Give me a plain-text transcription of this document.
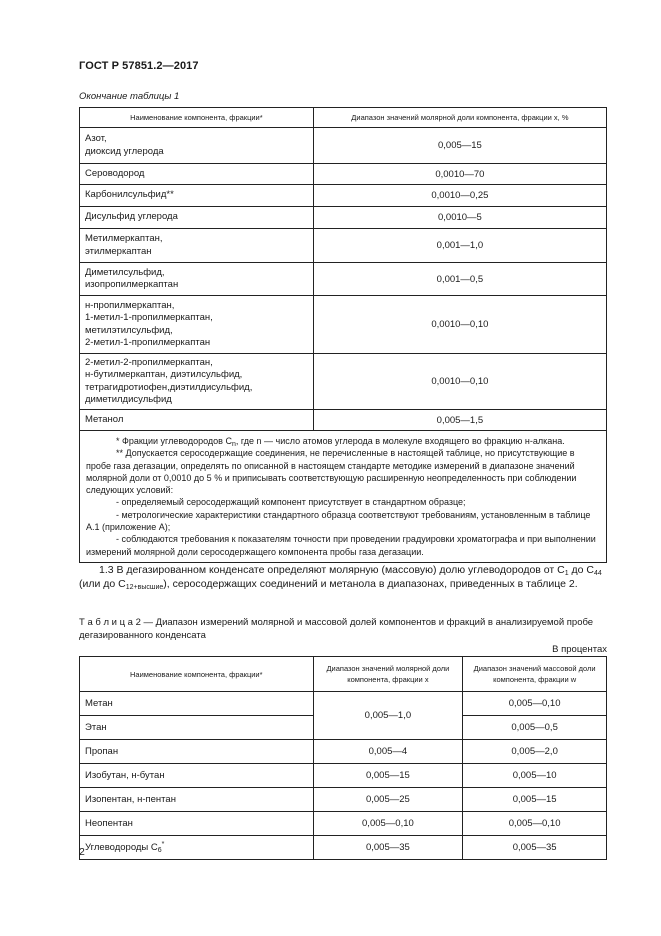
ГОСТ Р 57851.2—2017
Окончание таблицы 1
Наименование компонента, фракции*	Диапазон значений молярной доли компонента, фракции x, %

Азот,
диоксид углерода	0,005—15

Сероводород	0,0010—70

Карбонилсульфид**	0,0010—0,25

Дисульфид углерода	0,0010—5

Метилмеркаптан,
этилмеркаптан	0,001—1,0

Диметилсульфид,
изопропилмеркаптан	0,001—0,5

н-пропилмеркаптан,
1-метил-1-пропилмеркаптан,
метилэтилсульфид,
2-метил-1-пропилмеркаптан	0,0010—0,10

2-метил-2-пропилмеркаптан,
н-бутилмеркаптан, диэтилсульфид,
тетрагидротиофен,диэтилдисульфид,
диметилдисульфид	0,0010—0,10

Метанол	0,005—1,5

* Фракции углеводородов $C_n$, где n — число атомов углерода в молекуле входящего во фракцию н-алкана.
** Допускается серосодержащие соединения, не перечисленные в настоящей таблице, но присутствующие в пробе газа дегазации, определять по описанной в настоящем стандарте методике измерений в диапазоне значений молярной доли от 0,0010 до 5 % и приписывать соответствующую расширенную неопределенность при соблюдении следующих условий:
- определяемый серосодержащий компонент присутствует в стандартном образце;
- метрологические характеристики стандартного образца соответствуют требованиям, установленным в таблице А.1 (приложение А);
- соблюдаются требования к показателям точности при проведении градуировки хроматографа и при выполнении измерений молярной доли серосодержащего компонента пробы газа дегазации.	
1.3 В дегазированном конденсате определяют молярную (массовую) долю углеводородов от $C_1$ до $C_{44}$ (или до $C_{12+высшие}$), серосодержащих соединений и метанола в диапазонах, приведенных в таблице 2.
Т а б л и ц а 2 — Диапазон измерений молярной и массовой долей компонентов и фракций в анализируемой пробе дегазированного конденсата
В процентах
Наименование компонента, фракции*	Диапазон значений молярной доли компонента, фракции x	Диапазон значений массовой доли компонента, фракции w
Метан	0,005—1,0	0,005—0,10
Этан		0,005—0,5
Пропан	0,005—4	0,005—2,0
Изобутан, н-бутан	0,005—15	0,005—10
Изопентан, н-пентан	0,005—25	0,005—15
Неопентан	0,005—0,10	0,005—0,10
Углеводороды $C_6^*$	0,005—35	0,005—35
2
